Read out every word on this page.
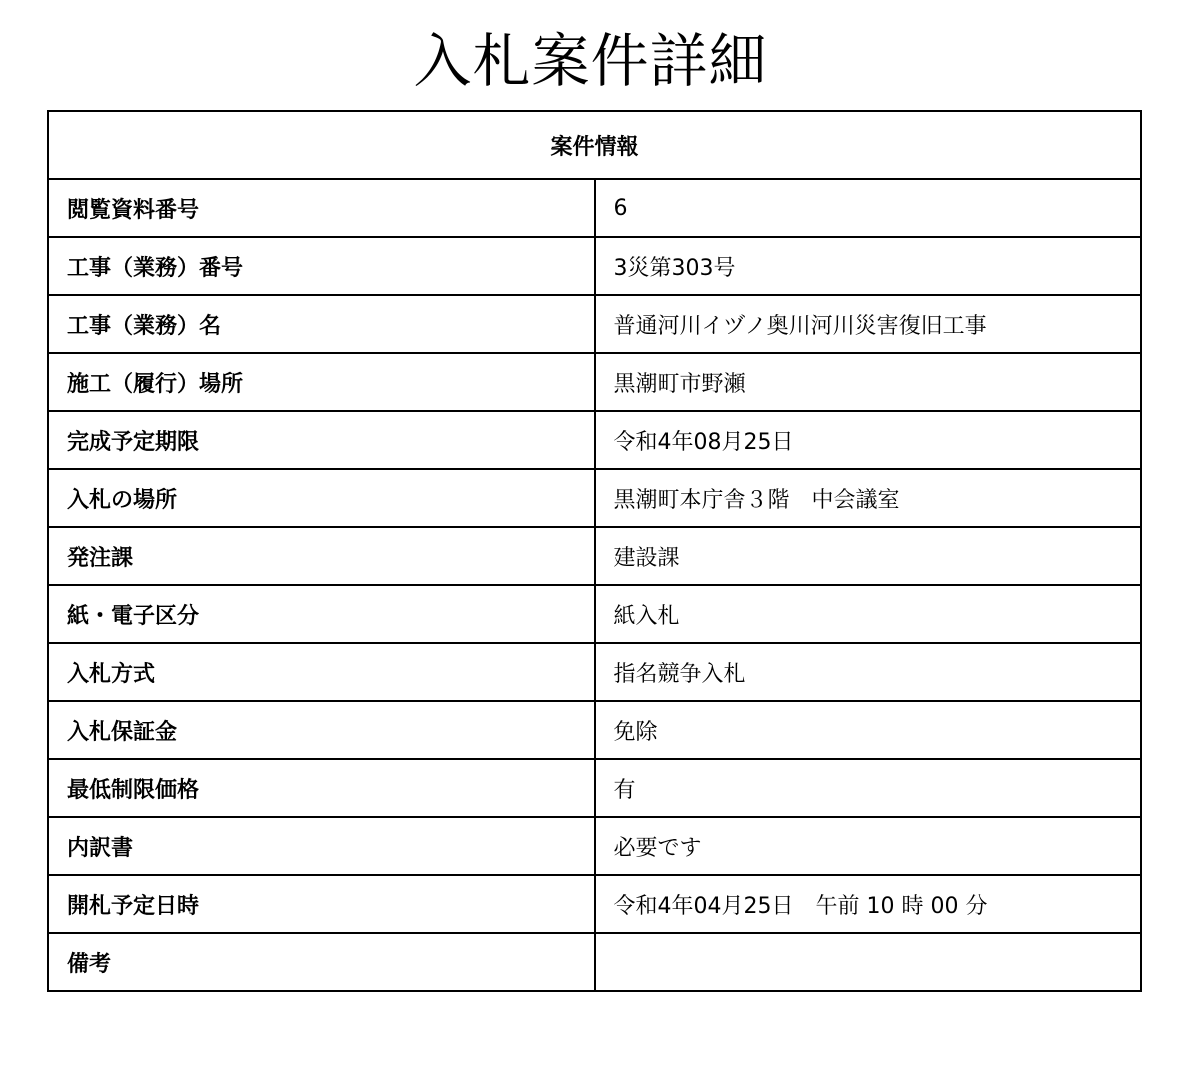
入札案件詳細
案件情報	
閲覧資料番号	6
工事（業務）番号	3災第303号
工事（業務）名	普通河川イヅノ奥川河川災害復旧工事
施工（履行）場所	黒潮町市野瀬
完成予定期限	令和4年08月25日
入札の場所	黒潮町本庁舎３階　中会議室
発注課	建設課
紙・電子区分	紙入札
入札方式	指名競争入札
入札保証金	免除
最低制限価格	有
内訳書	必要です
開札予定日時	令和4年04月25日　午前 10 時 00 分
備考	
